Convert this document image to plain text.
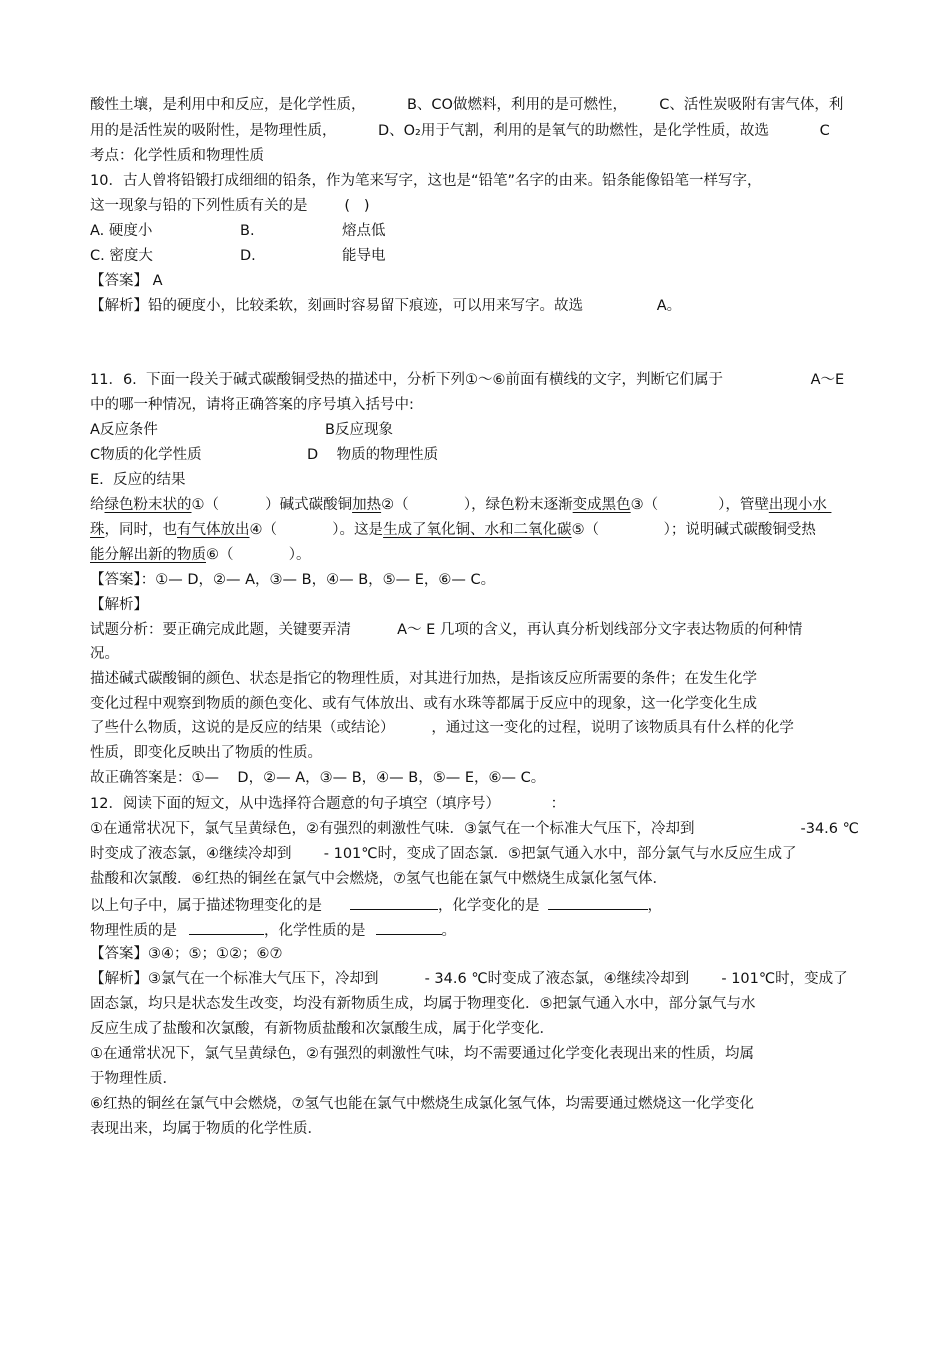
酸性土壤，是利用中和反应，是化学性质，         B、CO做燃料，利用的是可燃性，       C、活性炭吸附有害气体，利
用的是活性炭的吸附性，是物理性质，         D、O₂用于气割，利用的是氧气的助燃性，是化学性质，故选           C
考点：化学性质和物理性质
10．古人曾将铅锻打成细细的铅条，作为笔来写字，这也是“铅笔”名字的由来。铅条能像铅笔一样写字，
这一现象与铅的下列性质有关的是        (   )
A. 硬度小	B.	熔点低
C. 密度大	D.	能导电
【答案】 A
【解析】铅的硬度小，比较柔软，刻画时容易留下痕迹，可以用来写字。故选                A。
11．6.  下面一段关于碱式碳酸铜受热的描述中，分析下列①～⑥前面有横线的文字，判断它们属于                   A～E
中的哪一种情况，请将正确答案的序号填入括号中:
A反应条件	B反应现象
C物质的化学性质	D    物质的物理性质
E.  反应的结果
给绿色粉末状的①（          ）碱式碳酸铜加热②（            ），绿色粉末逐渐变成黑色③（             ），管壁出现小水
珠，同时，也有气体放出④（            ）。这是生成了氧化铜、水和二氧化碳⑤（              ）；说明碱式碳酸铜受热
能分解出新的物质⑥（            ）。
【答案】：①— D，②— A，③— B，④— B，⑤— E，⑥— C。
【解析】
试题分析：要正确完成此题，关键要弄清          A～ E 几项的含义，再认真分析划线部分文字表达物质的何种情
况。
描述碱式碳酸铜的颜色、状态是指它的物理性质，对其进行加热，是指该反应所需要的条件；在发生化学
变化过程中观察到物质的颜色变化、或有气体放出、或有水珠等都属于反应中的现象，这一化学变化生成
了些什么物质，这说的是反应的结果（或结论）        ，通过这一变化的过程，说明了该物质具有什么样的化学
性质，即变化反映出了物质的性质。
故正确答案是：①—    D，②— A，③— B，④— B，⑤— E，⑥— C。
12．阅读下面的短文，从中选择符合题意的句子填空（填序号）           ：
①在通常状况下，氯气呈黄绿色，②有强烈的刺激性气味．③氯气在一个标准大气压下，冷却到                       -34.6 ℃
时变成了液态氯，④继续冷却到       - 101℃时，变成了固态氯．⑤把氯气通入水中，部分氯气与水反应生成了
盐酸和次氯酸．⑥红热的铜丝在氯气中会燃烧，⑦氢气也能在氯气中燃烧生成氯化氢气体．
以上句子中，属于描述物理变化的是	，化学变化的是	，
物理性质的是	，化学性质的是	。
【答案】③④；⑤；①②；⑥⑦
【解析】③氯气在一个标准大气压下，冷却到          - 34.6 ℃时变成了液态氯，④继续冷却到       - 101℃时，变成了
固态氯，均只是状态发生改变，均没有新物质生成，均属于物理变化．⑤把氯气通入水中，部分氯气与水
反应生成了盐酸和次氯酸，有新物质盐酸和次氯酸生成，属于化学变化．
①在通常状况下，氯气呈黄绿色，②有强烈的刺激性气味，均不需要通过化学变化表现出来的性质，均属
于物理性质．
⑥红热的铜丝在氯气中会燃烧，⑦氢气也能在氯气中燃烧生成氯化氢气体，均需要通过燃烧这一化学变化
表现出来，均属于物质的化学性质．
